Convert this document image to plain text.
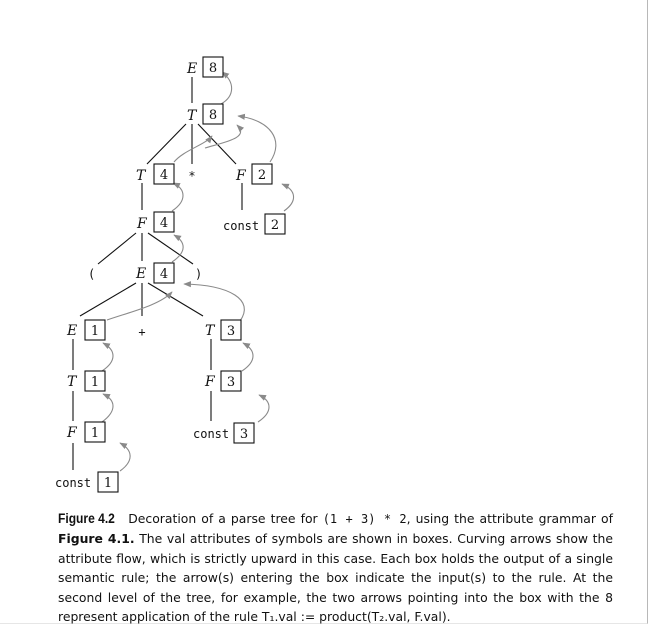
E 8
T 8
T 4 *	F 2
F 4	const 2
(	E 4 )
E 1	+	T 3
T 1	F 3
F 1	const 3
const 1
Figure 4.2 Decoration of a parse tree for (1 + 3) * 2, using the attribute grammar of Figure 4.1. The val attributes of symbols are shown in boxes. Curving arrows show the attribute flow, which is strictly upward in this case. Each box holds the output of a single semantic rule; the arrow(s) entering the box indicate the input(s) to the rule. At the second level of the tree, for example, the two arrows pointing into the box with the 8 represent application of the rule T₁.val := product(T₂.val, F.val).
